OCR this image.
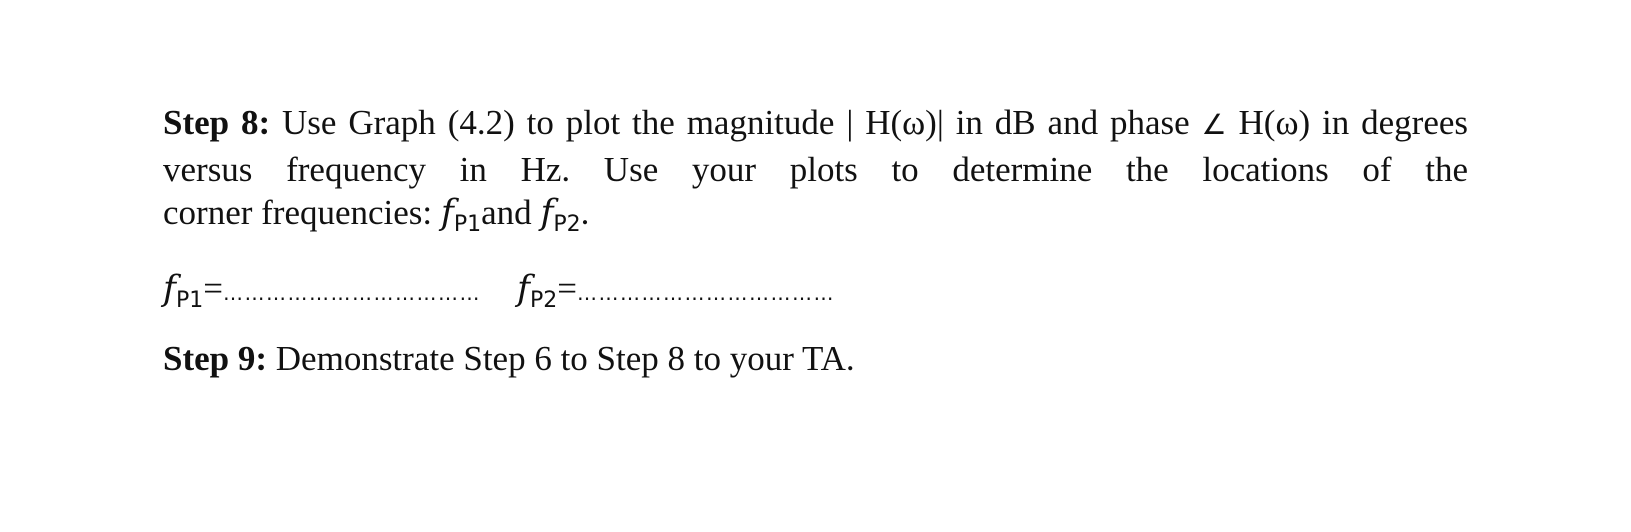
Step 8: Use Graph (4.2) to plot the magnitude | H(ω)| in dB and phase ∠ H(ω) in degrees versus frequency in Hz. Use your plots to determine the locations of the

corner frequencies: $f_{P1}and$ $f_{P2}$.

$f_{P1}=\dots\dots\dots\dots\dots\dots\dots\dots\dots\dots\dots\dots$ $f_{P2}=\dots\dots\dots\dots\dots\dots\dots\dots\dots\dots\dots\dots$

Step 9: Demonstrate Step 6 to Step 8 to your TA.
